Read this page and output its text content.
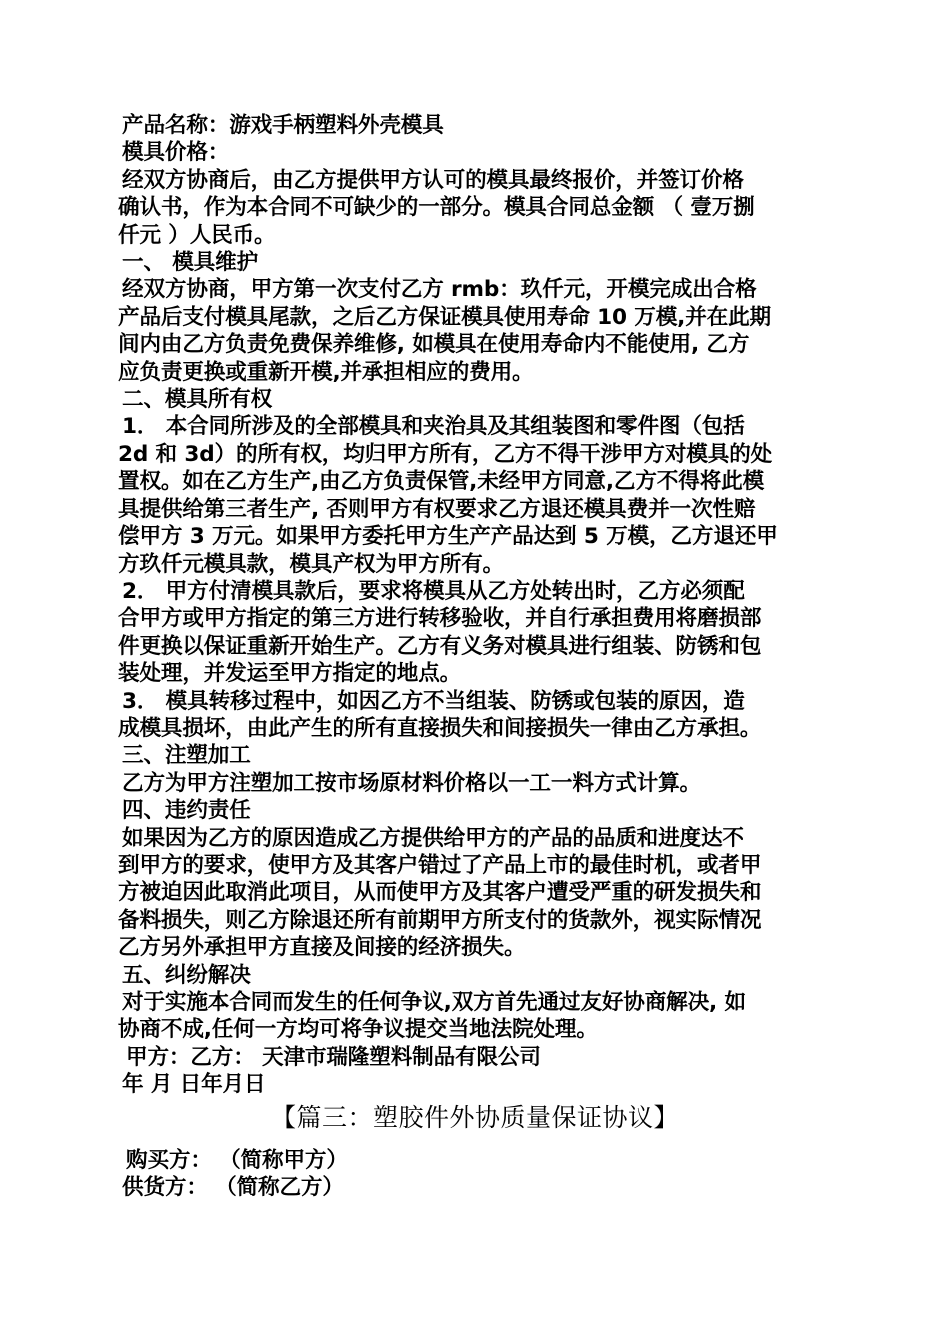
产品名称：游戏手柄塑料外壳模具
模具价格：
经双方协商后，由乙方提供甲方认可的模具最终报价，并签订价格
确认书，作为本合同不可缺少的一部分。模具合同总金额 （ 壹万捌
仟元 ）人民币。
一、 模具维护
经双方协商，甲方第一次支付乙方 rmb：玖仟元，开模完成出合格
产品后支付模具尾款，之后乙方保证模具使用寿命 10 万模,并在此期
间内由乙方负责免费保养维修, 如模具在使用寿命内不能使用, 乙方
应负责更换或重新开模,并承担相应的费用。
二、模具所有权
1． 本合同所涉及的全部模具和夹治具及其组装图和零件图（包括
2d 和 3d）的所有权，均归甲方所有，乙方不得干涉甲方对模具的处
置权。如在乙方生产,由乙方负责保管,未经甲方同意,乙方不得将此模
具提供给第三者生产, 否则甲方有权要求乙方退还模具费并一次性赔
偿甲方 3 万元。如果甲方委托甲方生产产品达到 5 万模，乙方退还甲
方玖仟元模具款，模具产权为甲方所有。
2． 甲方付清模具款后，要求将模具从乙方处转出时，乙方必须配
合甲方或甲方指定的第三方进行转移验收，并自行承担费用将磨损部
件更换以保证重新开始生产。乙方有义务对模具进行组装、防锈和包
装处理，并发运至甲方指定的地点。
3． 模具转移过程中，如因乙方不当组装、防锈或包装的原因，造
成模具损坏，由此产生的所有直接损失和间接损失一律由乙方承担。
三、注塑加工
乙方为甲方注塑加工按市场原材料价格以一工一料方式计算。
四、违约责任
如果因为乙方的原因造成乙方提供给甲方的产品的品质和进度达不
到甲方的要求，使甲方及其客户错过了产品上市的最佳时机，或者甲
方被迫因此取消此项目，从而使甲方及其客户遭受严重的研发损失和
备料损失，则乙方除退还所有前期甲方所支付的货款外，视实际情况
乙方另外承担甲方直接及间接的经济损失。
五、纠纷解决
对于实施本合同而发生的任何争议,双方首先通过友好协商解决, 如
协商不成,任何一方均可将争议提交当地法院处理。
甲方：乙方： 天津市瑞隆塑料制品有限公司
年 月 日年月日
【篇三：塑胶件外协质量保证协议】
购买方： （简称甲方）
供货方： （简称乙方）
